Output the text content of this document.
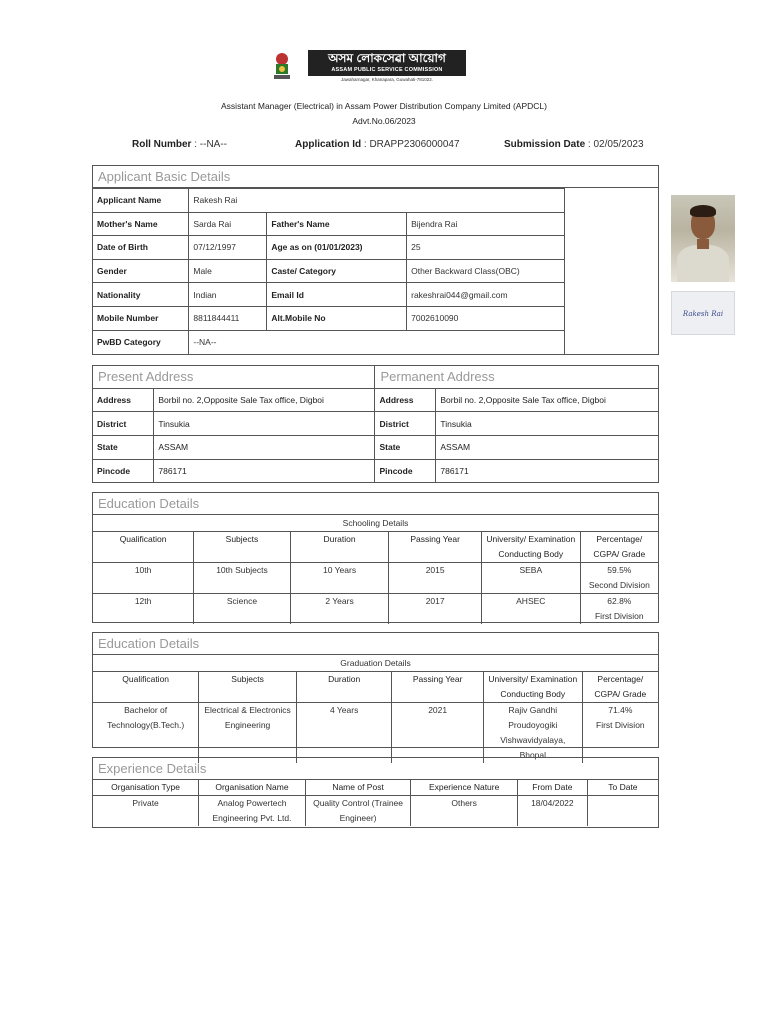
অসম লোকসেৱা আয়োগ
ASSAM PUBLIC SERVICE COMMISSION
Jawaharnagar, Khanapara, Guwahati-781022.
Assistant Manager (Electrical) in Assam Power Distribution Company Limited (APDCL)
Advt.No.06/2023
Roll Number : --NA--	Application Id : DRAPP2306000047	Submission Date : 02/05/2023
Applicant Basic Details
Applicant Name	Rakesh Rai		
Mother's Name	Sarda Rai	Father's Name	Bijendra Rai
Date of Birth	07/12/1997	Age as on (01/01/2023)	25
Gender	Male	Caste/ Category	Other Backward Class(OBC)
Nationality	Indian	Email Id	rakeshrai044@gmail.com
Mobile Number	8811844411	Alt.Mobile No	7002610090
PwBD Category	--NA--		
Rakesh Rai
Present Address		Permanent Address	
Address	Borbil no. 2,Opposite Sale Tax office, Digboi	Address	Borbil no. 2,Opposite Sale Tax office, Digboi
District	Tinsukia	District	Tinsukia
State	ASSAM	State	ASSAM
Pincode	786171	Pincode	786171
Education Details
Schooling Details					
Qualification	Subjects	Duration	Passing Year	University/ Examination Conducting Body	Percentage/ CGPA/ Grade
10th	10th Subjects	10 Years	2015	SEBA	59.5%
Second Division

12th	Science	2 Years	2017	AHSEC	62.8%
First Division
Education Details
Graduation Details					
Qualification	Subjects	Duration	Passing Year	University/ Examination Conducting Body	Percentage/ CGPA/ Grade
Bachelor of Technology(B.Tech.)	Electrical & Electronics Engineering	4 Years	2021	Rajiv Gandhi Proudoyogiki Vishwavidyalaya, Bhopal	71.4%
First Division
Experience Details
Organisation Type	Organisation Name	Name of Post	Experience Nature	From Date	To Date
Private	Analog Powertech Engineering Pvt. Ltd.	Quality Control (Trainee Engineer)	Others	18/04/2022	
